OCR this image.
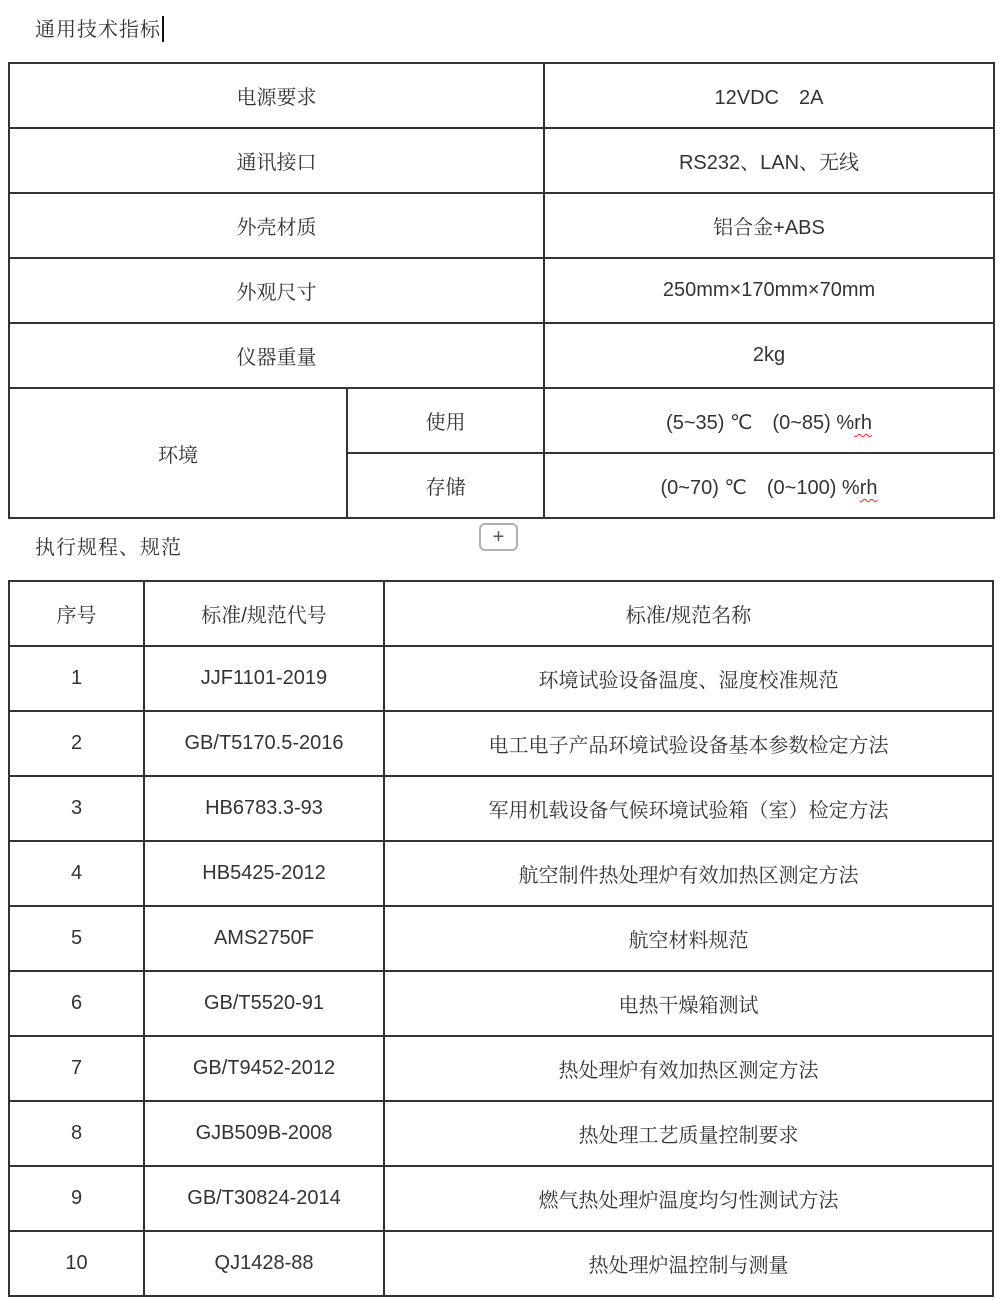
通用技术指标
电源要求		12VDC　2A
通讯接口		RS232、LAN、无线
外壳材质		铝合金+ABS
外观尺寸		250mm×170mm×70mm
仪器重量		2kg
环境	使用	(5~35) ℃　(0~85) %rh
	存储	(0~70) ℃　(0~100) %rh
执行规程、规范	+
序号	标准/规范代号	标准/规范名称
1	JJF1101-2019	环境试验设备温度、湿度校准规范
2	GB/T5170.5-2016	电工电子产品环境试验设备基本参数检定方法
3	HB6783.3-93	军用机载设备气候环境试验箱（室）检定方法
4	HB5425-2012	航空制件热处理炉有效加热区测定方法
5	AMS2750F	航空材料规范
6	GB/T5520-91	电热干燥箱测试
7	GB/T9452-2012	热处理炉有效加热区测定方法
8	GJB509B-2008	热处理工艺质量控制要求
9	GB/T30824-2014	燃气热处理炉温度均匀性测试方法
10	QJ1428-88	热处理炉温控制与测量
